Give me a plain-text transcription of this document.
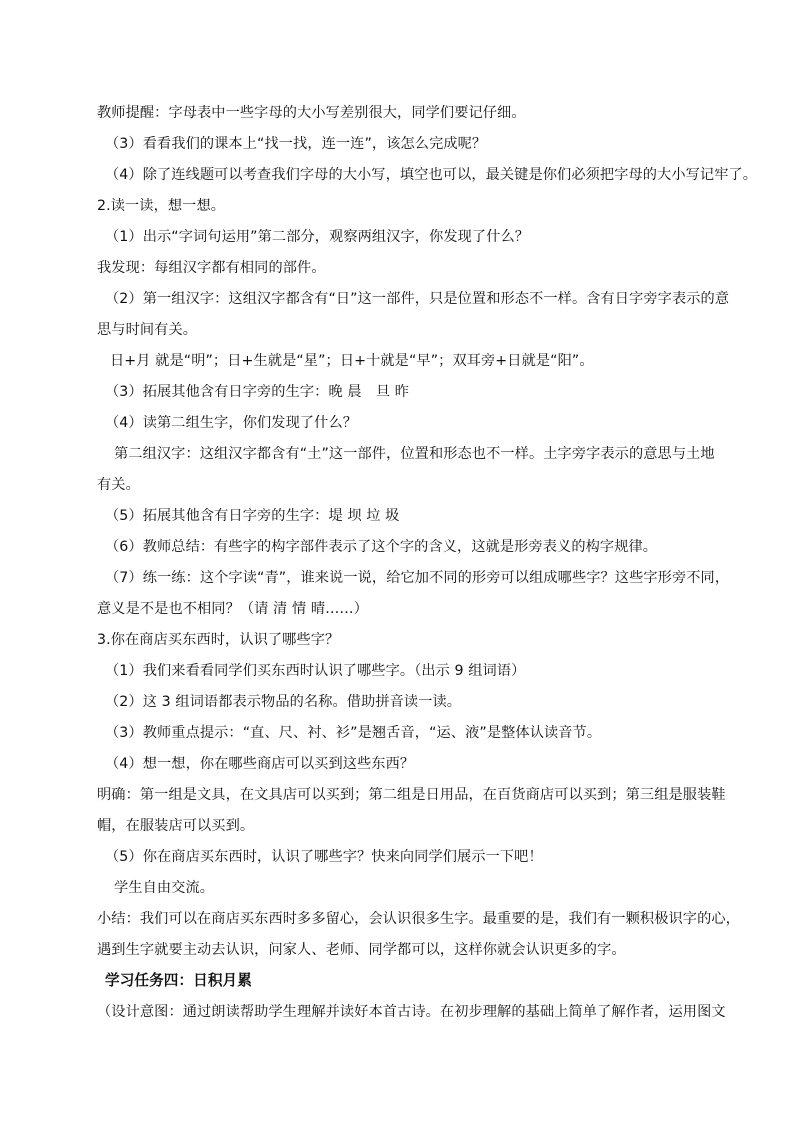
教师提醒：字母表中一些字母的大小写差别很大，同学们要记仔细。
（3）看看我们的课本上“找一找，连一连”，该怎么完成呢？
（4）除了连线题可以考查我们字母的大小写，填空也可以，最关键是你们必须把字母的大小写记牢了。
2.读一读，想一想。
（1）出示“字词句运用”第二部分，观察两组汉字，你发现了什么？
我发现：每组汉字都有相同的部件。
（2）第一组汉字：这组汉字都含有“日”这一部件，只是位置和形态不一样。含有日字旁字表示的意
思与时间有关。
日+月 就是“明”；日+生就是“星”；日+十就是“早”；双耳旁+日就是“阳”。
（3）拓展其他含有日字旁的生字：晚 晨　旦 昨
（4）读第二组生字，你们发现了什么？
第二组汉字：这组汉字都含有“土”这一部件，位置和形态也不一样。土字旁字表示的意思与土地
有关。
（5）拓展其他含有日字旁的生字：堤 坝 垃 圾
（6）教师总结：有些字的构字部件表示了这个字的含义，这就是形旁表义的构字规律。
（7）练一练：这个字读“青”，谁来说一说，给它加不同的形旁可以组成哪些字？这些字形旁不同，
意义是不是也不相同？（请 清 情 晴……）
3.你在商店买东西时，认识了哪些字？
（1）我们来看看同学们买东西时认识了哪些字。（出示 9 组词语）
（2）这 3 组词语都表示物品的名称。借助拼音读一读。
（3）教师重点提示：“直、尺、衬、衫”是翘舌音，“运、液”是整体认读音节。
（4）想一想，你在哪些商店可以买到这些东西？
明确：第一组是文具，在文具店可以买到；第二组是日用品，在百货商店可以买到；第三组是服装鞋
帽，在服装店可以买到。
（5）你在商店买东西时，认识了哪些字？快来向同学们展示一下吧！
学生自由交流。
小结：我们可以在商店买东西时多多留心，会认识很多生字。最重要的是，我们有一颗积极识字的心，
遇到生字就要主动去认识，问家人、老师、同学都可以，这样你就会认识更多的字。
学习任务四：日积月累
（设计意图：通过朗读帮助学生理解并读好本首古诗。在初步理解的基础上简单了解作者，运用图文
